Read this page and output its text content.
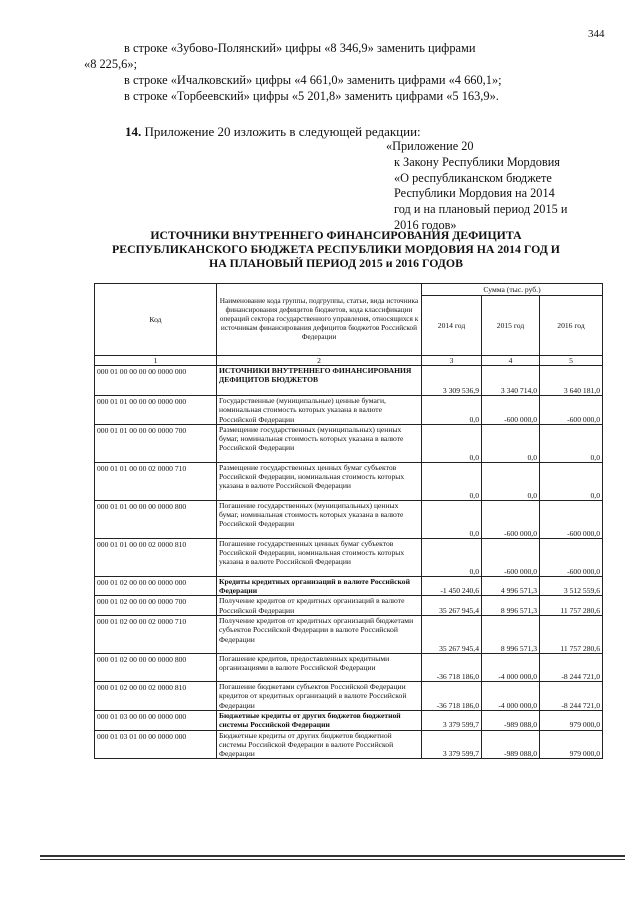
344

в строке «Зубово-Полянский» цифры «8 346,9» заменить цифрами

«8 225,6»;

в строке «Ичалковский» цифры «4 661,0» заменить цифрами «4 660,1»;

в строке «Торбеевский» цифры «5 201,8» заменить цифрами «5 163,9».

14. Приложение 20 изложить в следующей редакции:
«Приложение 20
к Закону Республики Мордовия
«О республиканском бюджете
Республики Мордовия на 2014
год и на плановый период 2015 и
2016 годов»
ИСТОЧНИКИ ВНУТРЕННЕГО ФИНАНСИРОВАНИЯ ДЕФИЦИТА
РЕСПУБЛИКАНСКОГО БЮДЖЕТА РЕСПУБЛИКИ МОРДОВИЯ НА 2014 ГОД И
НА ПЛАНОВЫЙ ПЕРИОД 2015 и 2016 ГОДОВ
Код	Наименование кода группы, подгруппы, статьи, вида источника финансирования дефицитов бюджетов, кода классификации операций сектора государственного управления, относящихся к источникам финансирования дефицитов бюджетов Российской Федерации	Сумма (тыс. руб.)		
		2014 год	2015 год	2016 год
1	2	3	4	5
000 01 00 00 00 00 0000 000	ИСТОЧНИКИ ВНУТРЕННЕГО ФИНАНСИРОВАНИЯ ДЕФИЦИТОВ БЮДЖЕТОВ	3 309 536,9	3 340 714,0	3 640 181,0
000 01 01 00 00 00 0000 000	Государственные (муниципальные) ценные бумаги, номинальная стоимость которых указана в валюте Российской Федерации	0,0	-600 000,0	-600 000,0
000 01 01 00 00 00 0000 700	Размещение государственных (муниципальных) ценных бумаг, номинальная стоимость которых указана в валюте Российской Федерации	0,0	0,0	0,0
000 01 01 00 00 02 0000 710	Размещение государственных ценных бумаг субъектов Российской Федерации, номинальная стоимость которых указана в валюте Российской Федерации	0,0	0,0	0,0
000 01 01 00 00 00 0000 800	Погашение государственных (муниципальных) ценных бумаг, номинальная стоимость которых указана в валюте Российской Федерации	0,0	-600 000,0	-600 000,0
000 01 01 00 00 02 0000 810	Погашение государственных ценных бумаг субъектов Российской Федерации, номинальная стоимость которых указана в валюте Российской Федерации	0,0	-600 000,0	-600 000,0
000 01 02 00 00 00 0000 000	Кредиты кредитных организаций в валюте Российской Федерации	-1 450 240,6	4 996 571,3	3 512 559,6
000 01 02 00 00 00 0000 700	Получение кредитов от кредитных организаций в валюте Российской Федерации	35 267 945,4	8 996 571,3	11 757 280,6
000 01 02 00 00 02 0000 710	Получение кредитов от кредитных организаций бюджетами субъектов Российской Федерации в валюте Российской Федерации	35 267 945,4	8 996 571,3	11 757 280,6
000 01 02 00 00 00 0000 800	Погашение кредитов, предоставленных кредитными организациями в валюте Российской Федерации	-36 718 186,0	-4 000 000,0	-8 244 721,0
000 01 02 00 00 02 0000 810	Погашение бюджетами субъектов Российской Федерации кредитов от кредитных организаций в валюте Российской Федерации	-36 718 186,0	-4 000 000,0	-8 244 721,0
000 01 03 00 00 00 0000 000	Бюджетные кредиты от других бюджетов бюджетной системы Российской Федерации	3 379 599,7	-989 088,0	979 000,0
000 01 03 01 00 00 0000 000	Бюджетные кредиты от других бюджетов бюджетной системы Российской Федерации в валюте Российской Федерации	3 379 599,7	-989 088,0	979 000,0
